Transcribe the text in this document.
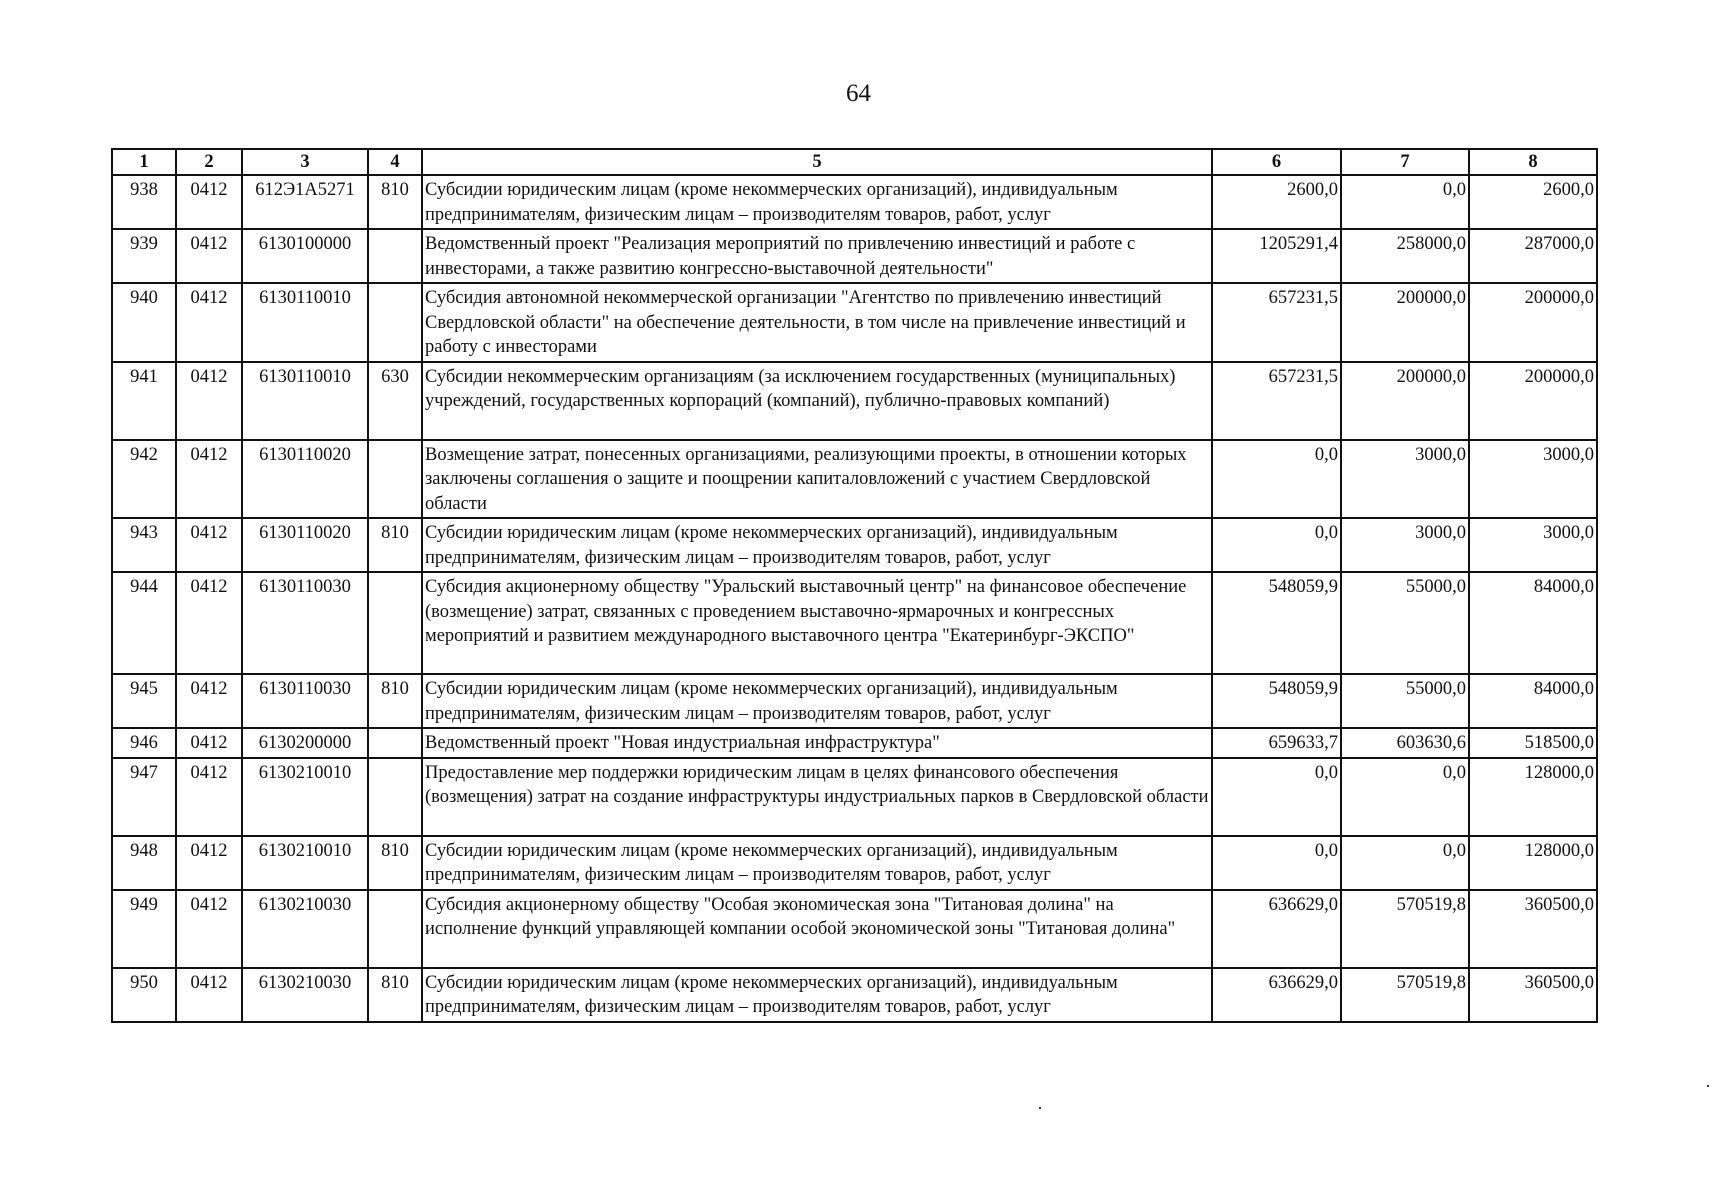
64
1	2	3	4	5	6	7	8
938	0412	612Э1А5271	810	Субсидии юридическим лицам (кроме некоммерческих организаций), индивидуальным предпринимателям, физическим лицам – производителям товаров, работ, услуг	2600,0	0,0	2600,0
939	0412	6130100000		Ведомственный проект "Реализация мероприятий по привлечению инвестиций и работе с инвесторами, а также развитию конгрессно-выставочной деятельности"	1205291,4	258000,0	287000,0
940	0412	6130110010		Субсидия автономной некоммерческой организации "Агентство по привлечению инвестиций Свердловской области" на обеспечение деятельности, в том числе на привлечение инвестиций и работу с инвесторами	657231,5	200000,0	200000,0
941	0412	6130110010	630	Субсидии некоммерческим организациям (за исключением государственных (муниципальных) учреждений, государственных корпораций (компаний), публично-правовых компаний)	657231,5	200000,0	200000,0
942	0412	6130110020		Возмещение затрат, понесенных организациями, реализующими проекты, в отношении которых заключены соглашения о защите и поощрении капиталовложений с участием Свердловской области	0,0	3000,0	3000,0
943	0412	6130110020	810	Субсидии юридическим лицам (кроме некоммерческих организаций), индивидуальным предпринимателям, физическим лицам – производителям товаров, работ, услуг	0,0	3000,0	3000,0
944	0412	6130110030		Субсидия акционерному обществу "Уральский выставочный центр" на финансовое обеспечение (возмещение) затрат, связанных с проведением выставочно-ярмарочных и конгрессных мероприятий и развитием международного выставочного центра "Екатеринбург-ЭКСПО"	548059,9	55000,0	84000,0
945	0412	6130110030	810	Субсидии юридическим лицам (кроме некоммерческих организаций), индивидуальным предпринимателям, физическим лицам – производителям товаров, работ, услуг	548059,9	55000,0	84000,0
946	0412	6130200000		Ведомственный проект "Новая индустриальная инфраструктура"	659633,7	603630,6	518500,0
947	0412	6130210010		Предоставление мер поддержки юридическим лицам в целях финансового обеспечения (возмещения) затрат на создание инфраструктуры индустриальных парков в Свердловской области	0,0	0,0	128000,0
948	0412	6130210010	810	Субсидии юридическим лицам (кроме некоммерческих организаций), индивидуальным предпринимателям, физическим лицам – производителям товаров, работ, услуг	0,0	0,0	128000,0
949	0412	6130210030		Субсидия акционерному обществу "Особая экономическая зона "Титановая долина" на исполнение функций управляющей компании особой экономической зоны "Титановая долина"	636629,0	570519,8	360500,0
950	0412	6130210030	810	Субсидии юридическим лицам (кроме некоммерческих организаций), индивидуальным предпринимателям, физическим лицам – производителям товаров, работ, услуг	636629,0	570519,8	360500,0
